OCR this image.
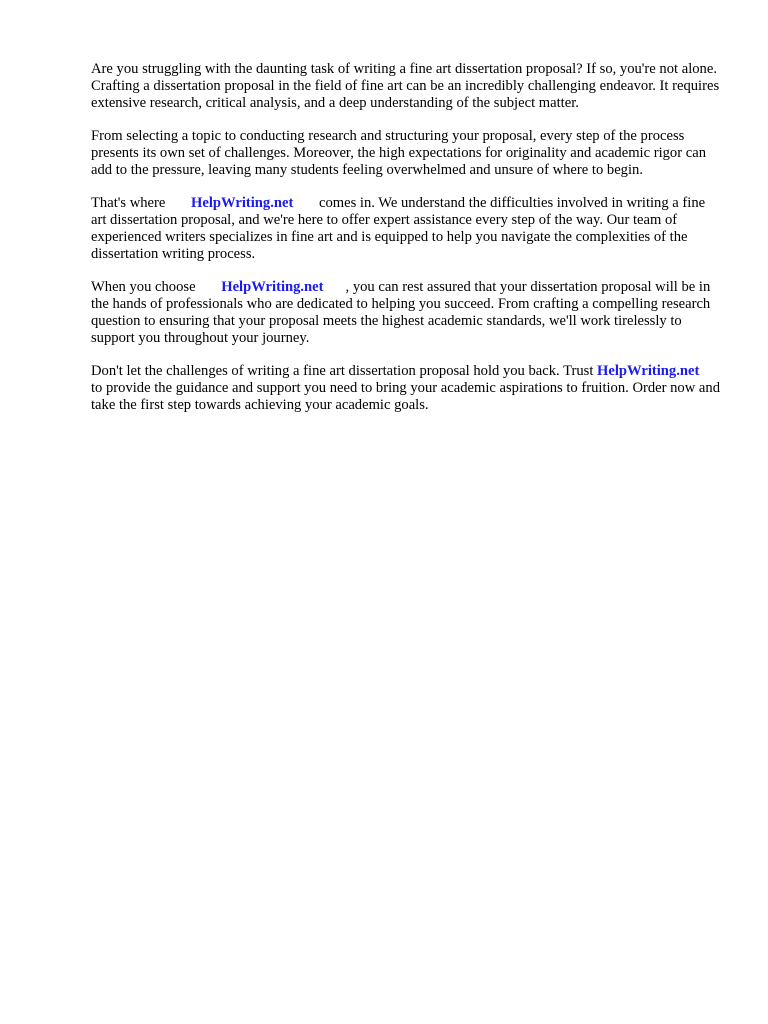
Are you struggling with the daunting task of writing a fine art dissertation proposal? If so, you're not alone. Crafting a dissertation proposal in the field of fine art can be an incredibly challenging endeavor. It requires extensive research, critical analysis, and a deep understanding of the subject matter.

From selecting a topic to conducting research and structuring your proposal, every step of the process presents its own set of challenges. Moreover, the high expectations for originality and academic rigor can add to the pressure, leaving many students feeling overwhelmed and unsure of where to begin.

That's where HelpWriting.net comes in. We understand the difficulties involved in writing a fine art dissertation proposal, and we're here to offer expert assistance every step of the way. Our team of experienced writers specializes in fine art and is equipped to help you navigate the complexities of the dissertation writing process.

When you choose HelpWriting.net , you can rest assured that your dissertation proposal will be in the hands of professionals who are dedicated to helping you succeed. From crafting a compelling research question to ensuring that your proposal meets the highest academic standards, we'll work tirelessly to support you throughout your journey.

Don't let the challenges of writing a fine art dissertation proposal hold you back. Trust HelpWriting.net to provide the guidance and support you need to bring your academic aspirations to fruition. Order now and take the first step towards achieving your academic goals.
